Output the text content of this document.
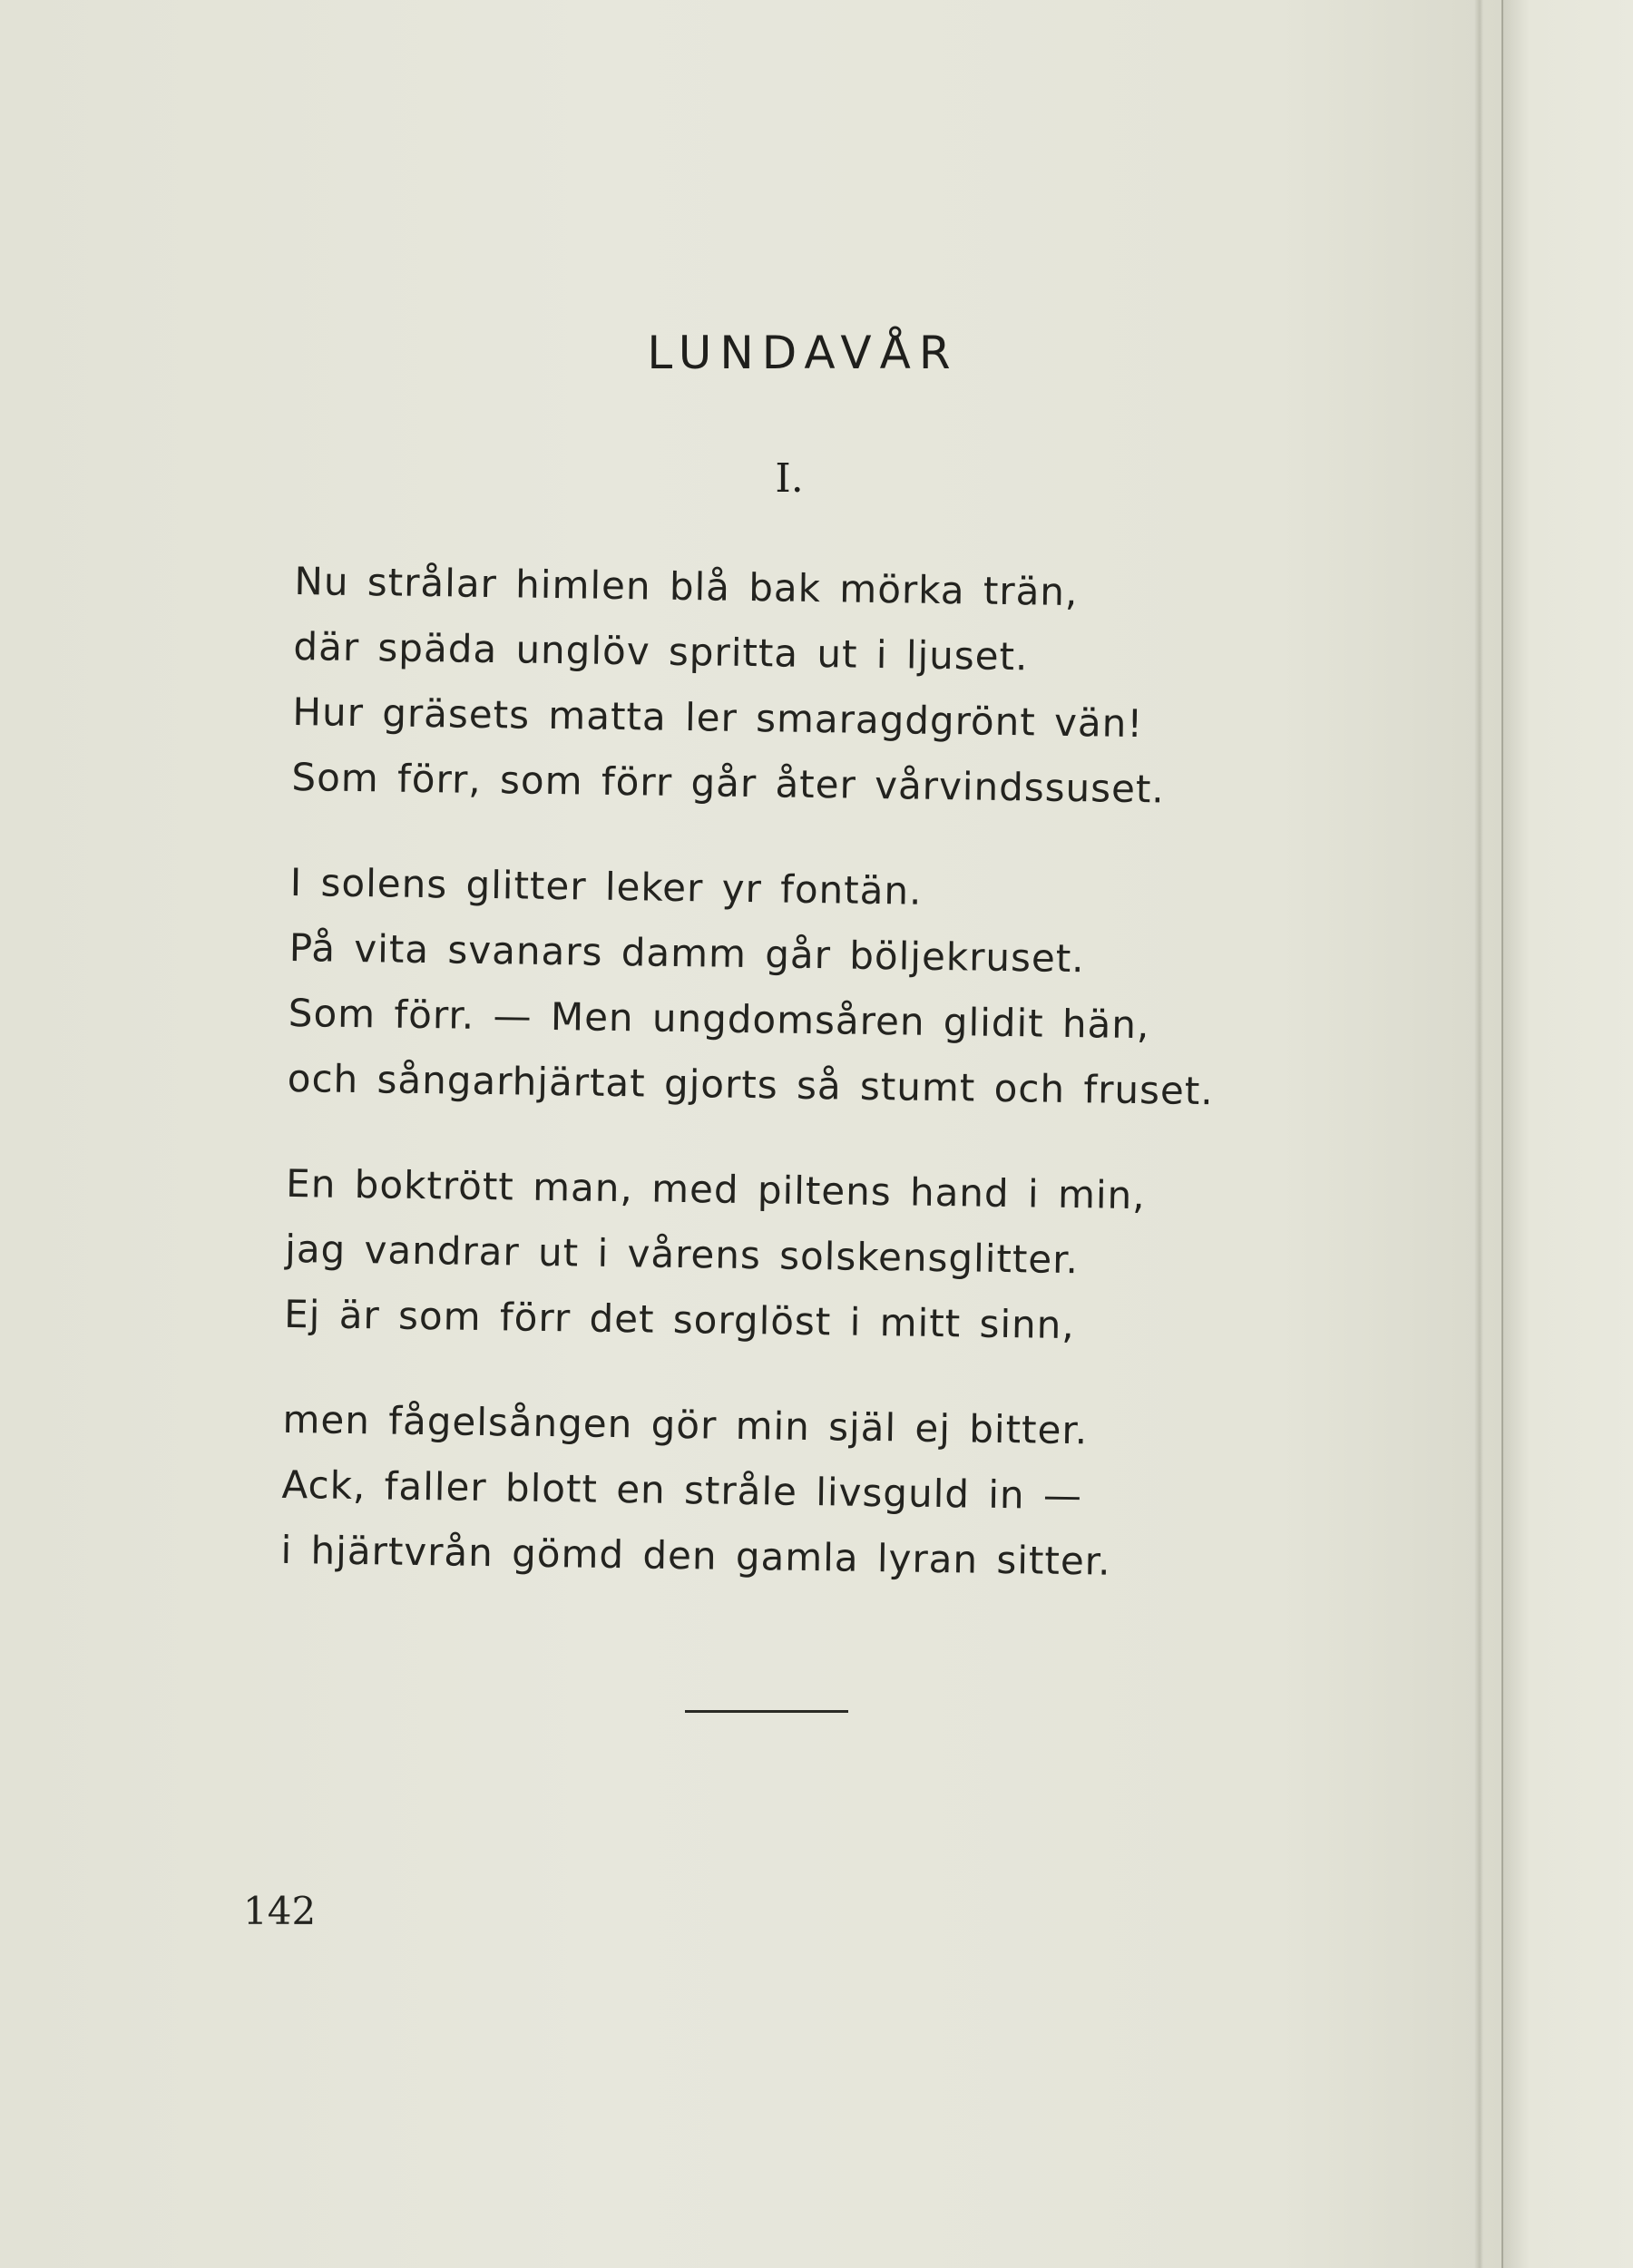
LUNDAVÅR
I.
Nu strålar himlen blå bak mörka trän,
där späda unglöv spritta ut i ljuset.
Hur gräsets matta ler smaragdgrönt vän!
Som förr, som förr går åter vårvindssuset.
I solens glitter leker yr fontän.
På vita svanars damm går böljekruset.
Som förr. — Men ungdomsåren glidit hän,
och sångarhjärtat gjorts så stumt och fruset.
En boktrött man, med piltens hand i min,
jag vandrar ut i vårens solskensglitter.
Ej är som förr det sorglöst i mitt sinn,
men fågelsången gör min själ ej bitter.
Ack, faller blott en stråle livsguld in —
i hjärtvrån gömd den gamla lyran sitter.
142
